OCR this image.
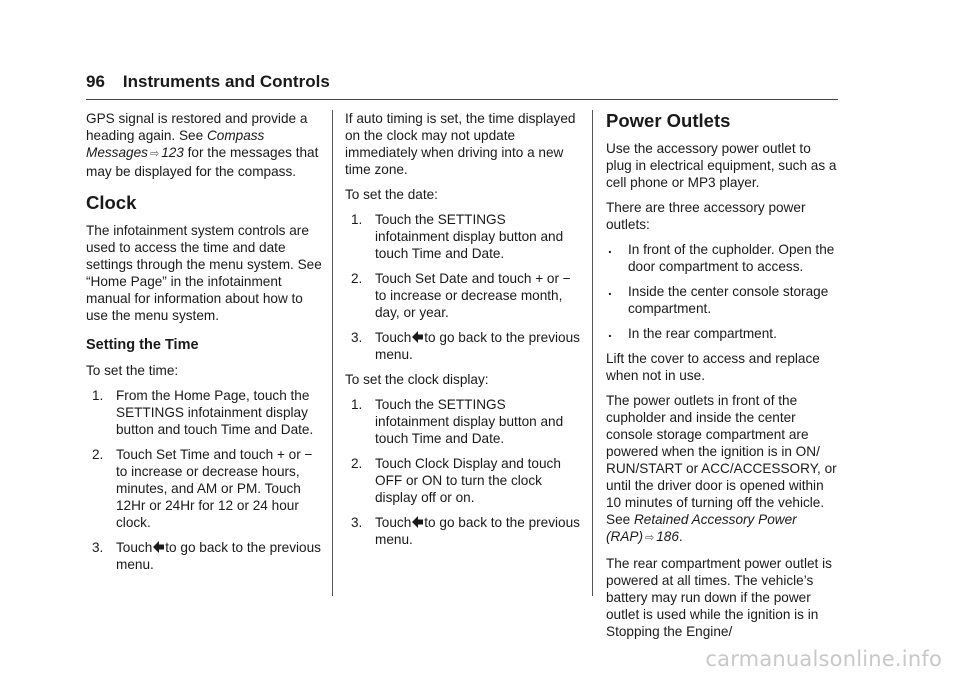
96 Instruments and Controls

GPS signal is restored and provide a heading again. See Compass Messages ⇨ 123 for the messages that may be displayed for the compass.

Clock

The infotainment system controls are used to access the time and date settings through the menu system. See “Home Page” in the infotainment manual for information about how to use the menu system.

Setting the Time

To set the time:

1. From the Home Page, touch the SETTINGS infotainment display button and touch Time and Date.
2. Touch Set Time and touch + or − to increase or decrease hours, minutes, and AM or PM. Touch 12Hr or 24Hr for 12 or 24 hour clock.
3. Touch to go back to the previous menu.

If auto timing is set, the time displayed on the clock may not update immediately when driving into a new time zone.

To set the date:

1. Touch the SETTINGS infotainment display button and touch Time and Date.
2. Touch Set Date and touch + or − to increase or decrease month, day, or year.
3. Touch to go back to the previous menu.

To set the clock display:

1. Touch the SETTINGS infotainment display button and touch Time and Date.
2. Touch Clock Display and touch OFF or ON to turn the clock display off or on.
3. Touch to go back to the previous menu.
Power Outlets

Use the accessory power outlet to plug in electrical equipment, such as a cell phone or MP3 player.

There are three accessory power outlets:

. In front of the cupholder. Open the door compartment to access.
. Inside the center console storage compartment.
. In the rear compartment.

Lift the cover to access and replace when not in use.

The power outlets in front of the cupholder and inside the center console storage compartment are powered when the ignition is in ON/ RUN/START or ACC/ACCESSORY, or until the driver door is opened within 10 minutes of turning off the vehicle. See Retained Accessory Power (RAP) ⇨ 186.

The rear compartment power outlet is powered at all times. The vehicle’s battery may run down if the power outlet is used while the ignition is in Stopping the Engine/

carmanualsonline.info
